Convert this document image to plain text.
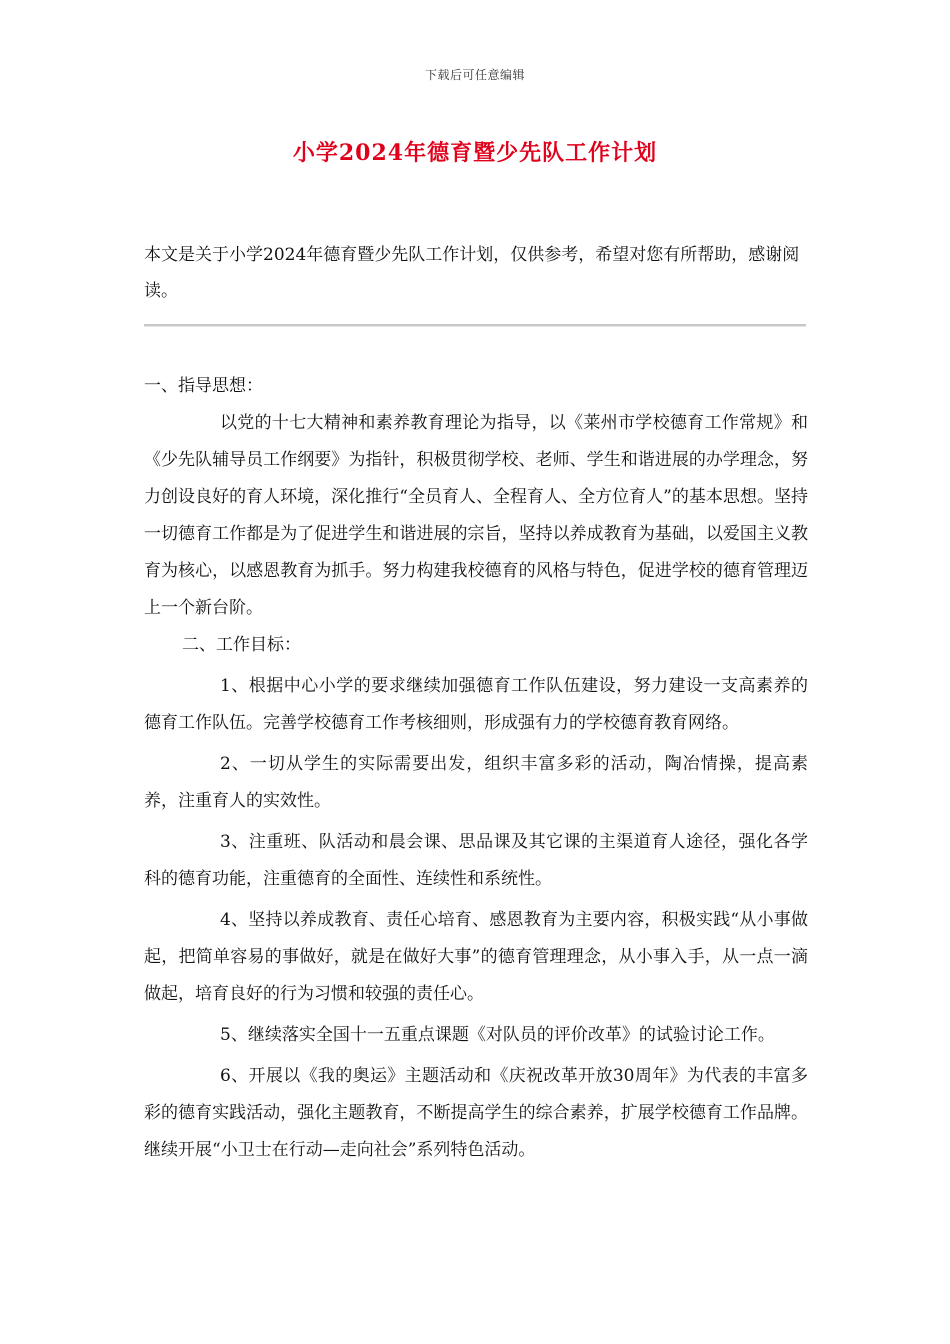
下载后可任意编辑
小学2024年德育暨少先队工作计划

本文是关于小学2024年德育暨少先队工作计划，仅供参考，希望对您有所帮助，感谢阅读。

一、指导思想：

以党的十七大精神和素养教育理论为指导，以《莱州市学校德育工作常规》和《少先队辅导员工作纲要》为指针，积极贯彻学校、老师、学生和谐进展的办学理念，努力创设良好的育人环境，深化推行“全员育人、全程育人、全方位育人”的基本思想。坚持一切德育工作都是为了促进学生和谐进展的宗旨，坚持以养成教育为基础，以爱国主义教育为核心，以感恩教育为抓手。努力构建我校德育的风格与特色，促进学校的德育管理迈上一个新台阶。

二、工作目标：

1、根据中心小学的要求继续加强德育工作队伍建设，努力建设一支高素养的德育工作队伍。完善学校德育工作考核细则，形成强有力的学校德育教育网络。

2、一切从学生的实际需要出发，组织丰富多彩的活动，陶冶情操，提高素养，注重育人的实效性。

3、注重班、队活动和晨会课、思品课及其它课的主渠道育人途径，强化各学科的德育功能，注重德育的全面性、连续性和系统性。

4、坚持以养成教育、责任心培育、感恩教育为主要内容，积极实践“从小事做起，把简单容易的事做好，就是在做好大事”的德育管理理念，从小事入手，从一点一滴做起，培育良好的行为习惯和较强的责任心。

5、继续落实全国十一五重点课题《对队员的评价改革》的试验讨论工作。

6、开展以《我的奥运》主题活动和《庆祝改革开放30周年》为代表的丰富多彩的德育实践活动，强化主题教育，不断提高学生的综合素养，扩展学校德育工作品牌。继续开展“小卫士在行动—走向社会”系列特色活动。
